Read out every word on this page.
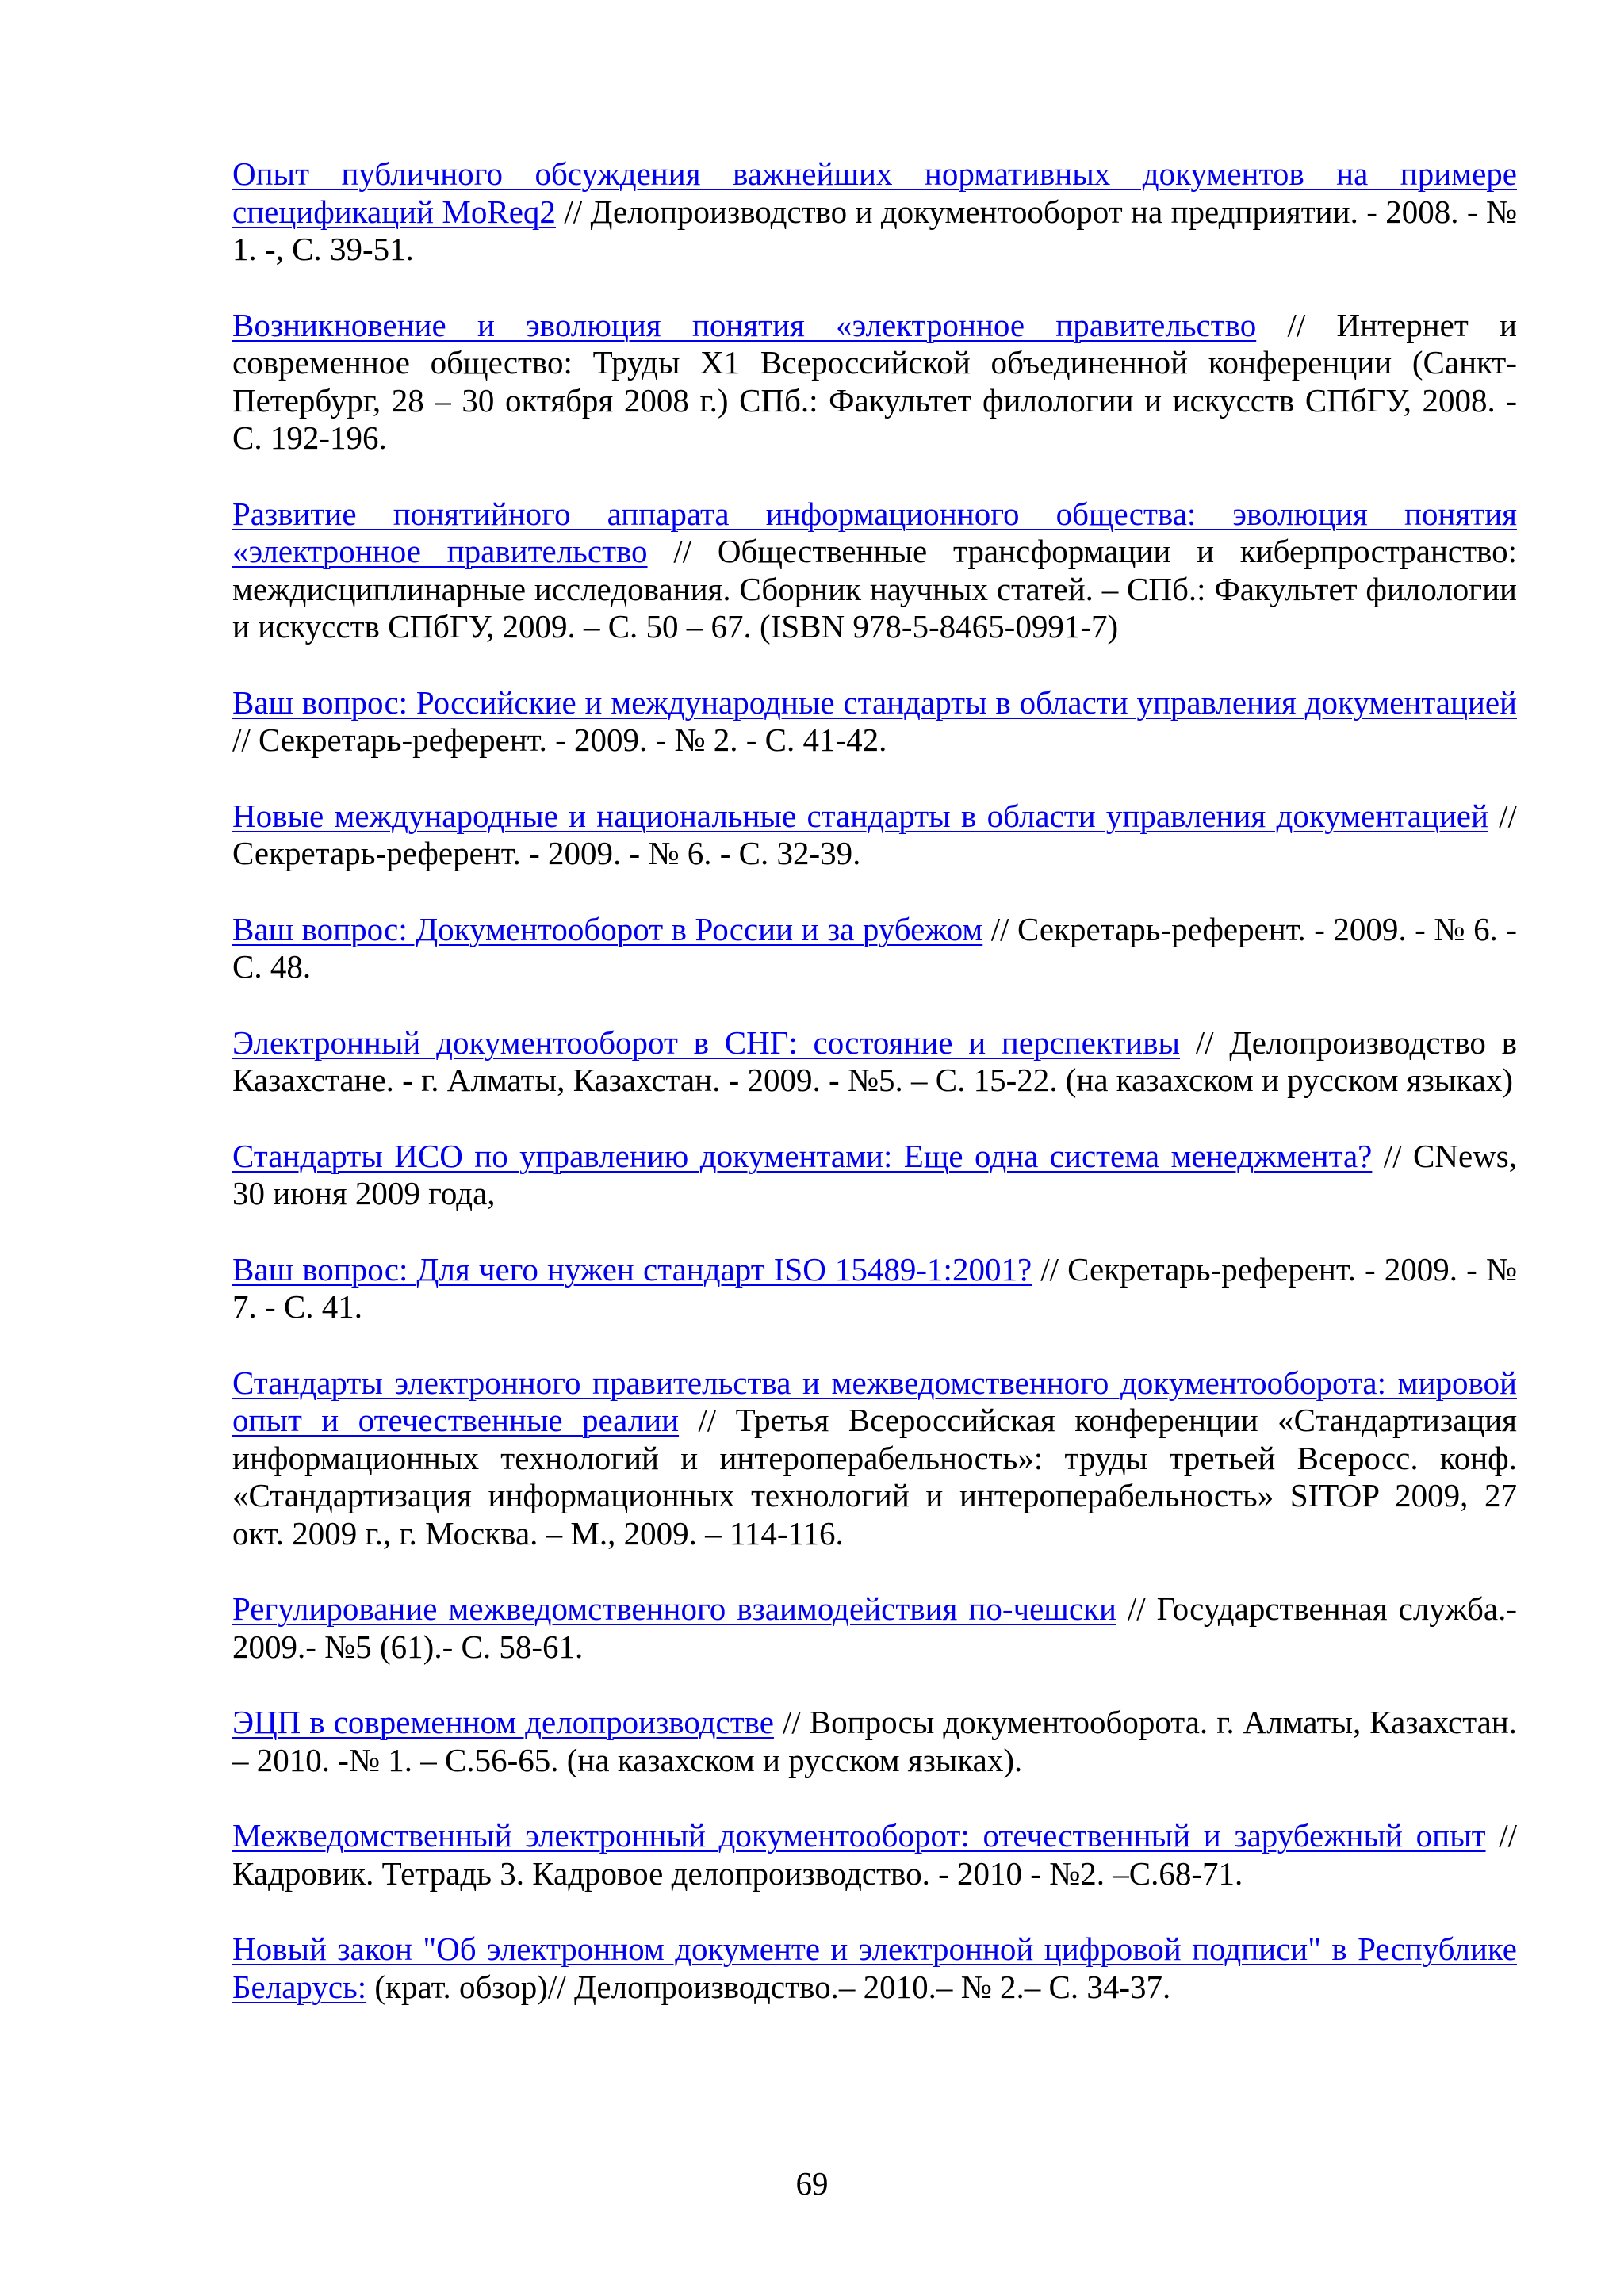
Опыт публичного обсуждения важнейших нормативных документов на примере спецификаций MoReq2 // Делопроизводство и документооборот на предприятии. - 2008. - № 1. -, С. 39-51.

Возникновение и эволюция понятия «электронное правительство // Интернет и современное общество: Труды X1 Всероссийской объединенной конференции (Санкт-Петербург, 28 – 30 октября 2008 г.) СПб.: Факультет филологии и искусств СПбГУ, 2008. - С. 192-196.

Развитие понятийного аппарата информационного общества: эволюция понятия «электронное правительство // Общественные трансформации и киберпространство: междисциплинарные исследования. Сборник научных статей. – СПб.: Факультет филологии и искусств СПбГУ, 2009. – С. 50 – 67. (ISBN 978-5-8465-0991-7)

Ваш вопрос: Российские и международные стандарты в области управления документацией // Секретарь-референт. - 2009. - № 2. - С. 41-42.

Новые международные и национальные стандарты в области управления документацией // Секретарь-референт. - 2009. - № 6. - С. 32-39.

Ваш вопрос: Документооборот в России и за рубежом // Секретарь-референт. - 2009. - № 6. - С. 48.

Электронный документооборот в СНГ: состояние и перспективы // Делопроизводство в Казахстане. - г. Алматы, Казахстан. - 2009. - №5. – С. 15-22. (на казахском и русском языках)

Стандарты ИСО по управлению документами: Еще одна система менеджмента? // CNews, 30 июня 2009 года,

Ваш вопрос: Для чего нужен стандарт ISO 15489-1:2001? // Секретарь-референт. - 2009. - № 7. - С. 41.

Стандарты электронного правительства и межведомственного документооборота: мировой опыт и отечественные реалии // Третья Всероссийская конференции «Стандартизация информационных технологий и интероперабельность»: труды третьей Всеросс. конф. «Стандартизация информационных технологий и интероперабельность» SITOP 2009, 27 окт. 2009 г., г. Москва. – М., 2009. – 114-116.

Регулирование межведомственного взаимодействия по-чешски // Государственная служба.- 2009.- №5 (61).- С. 58-61.

ЭЦП в современном делопроизводстве // Вопросы документооборота. г. Алматы, Казахстан. – 2010. -№ 1. – С.56-65. (на казахском и русском языках).

Межведомственный электронный документооборот: отечественный и зарубежный опыт // Кадровик. Тетрадь 3. Кадровое делопроизводство. - 2010 - №2. –С.68-71.

Новый закон "Об электронном документе и электронной цифровой подписи" в Республике Беларусь: (крат. обзор)// Делопроизводство.– 2010.– № 2.– С. 34-37.

69
